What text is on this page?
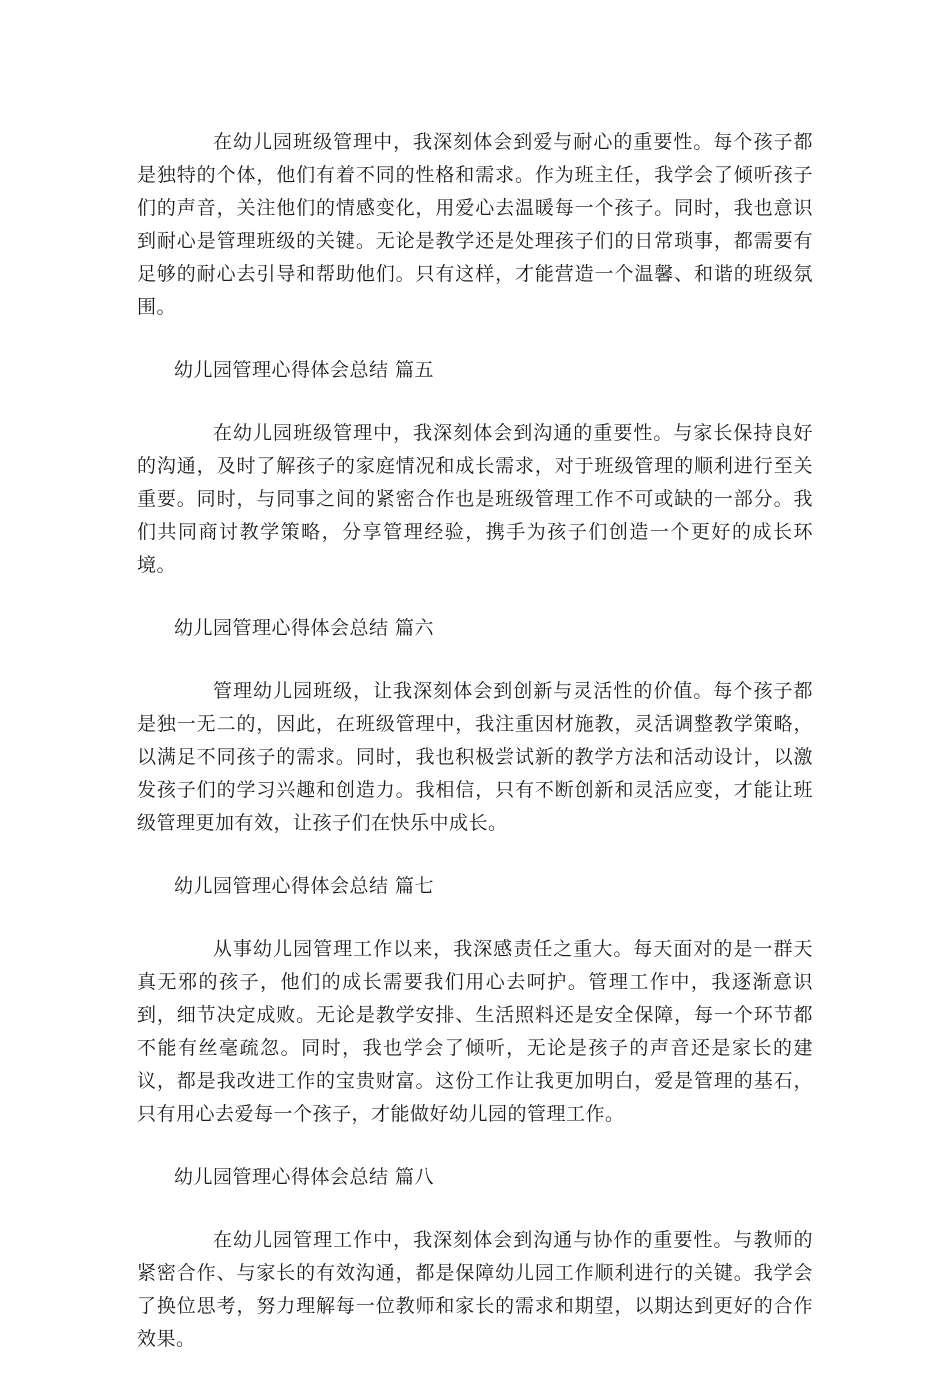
在幼儿园班级管理中，我深刻体会到爱与耐心的重要性。每个孩子都是独特的个体，他们有着不同的性格和需求。作为班主任，我学会了倾听孩子们的声音，关注他们的情感变化，用爱心去温暖每一个孩子。同时，我也意识到耐心是管理班级的关键。无论是教学还是处理孩子们的日常琐事，都需要有足够的耐心去引导和帮助他们。只有这样，才能营造一个温馨、和谐的班级氛围。

幼儿园管理心得体会总结 篇五

在幼儿园班级管理中，我深刻体会到沟通的重要性。与家长保持良好的沟通，及时了解孩子的家庭情况和成长需求，对于班级管理的顺利进行至关重要。同时，与同事之间的紧密合作也是班级管理工作不可或缺的一部分。我们共同商讨教学策略，分享管理经验，携手为孩子们创造一个更好的成长环境。

幼儿园管理心得体会总结 篇六

管理幼儿园班级，让我深刻体会到创新与灵活性的价值。每个孩子都是独一无二的，因此，在班级管理中，我注重因材施教，灵活调整教学策略，以满足不同孩子的需求。同时，我也积极尝试新的教学方法和活动设计，以激发孩子们的学习兴趣和创造力。我相信，只有不断创新和灵活应变，才能让班级管理更加有效，让孩子们在快乐中成长。

幼儿园管理心得体会总结 篇七

从事幼儿园管理工作以来，我深感责任之重大。每天面对的是一群天真无邪的孩子，他们的成长需要我们用心去呵护。管理工作中，我逐渐意识到，细节决定成败。无论是教学安排、生活照料还是安全保障，每一个环节都不能有丝毫疏忽。同时，我也学会了倾听，无论是孩子的声音还是家长的建议，都是我改进工作的宝贵财富。这份工作让我更加明白，爱是管理的基石，只有用心去爱每一个孩子，才能做好幼儿园的管理工作。

幼儿园管理心得体会总结 篇八

在幼儿园管理工作中，我深刻体会到沟通与协作的重要性。与教师的紧密合作、与家长的有效沟通，都是保障幼儿园工作顺利进行的关键。我学会了换位思考，努力理解每一位教师和家长的需求和期望，以期达到更好的合作效果。
